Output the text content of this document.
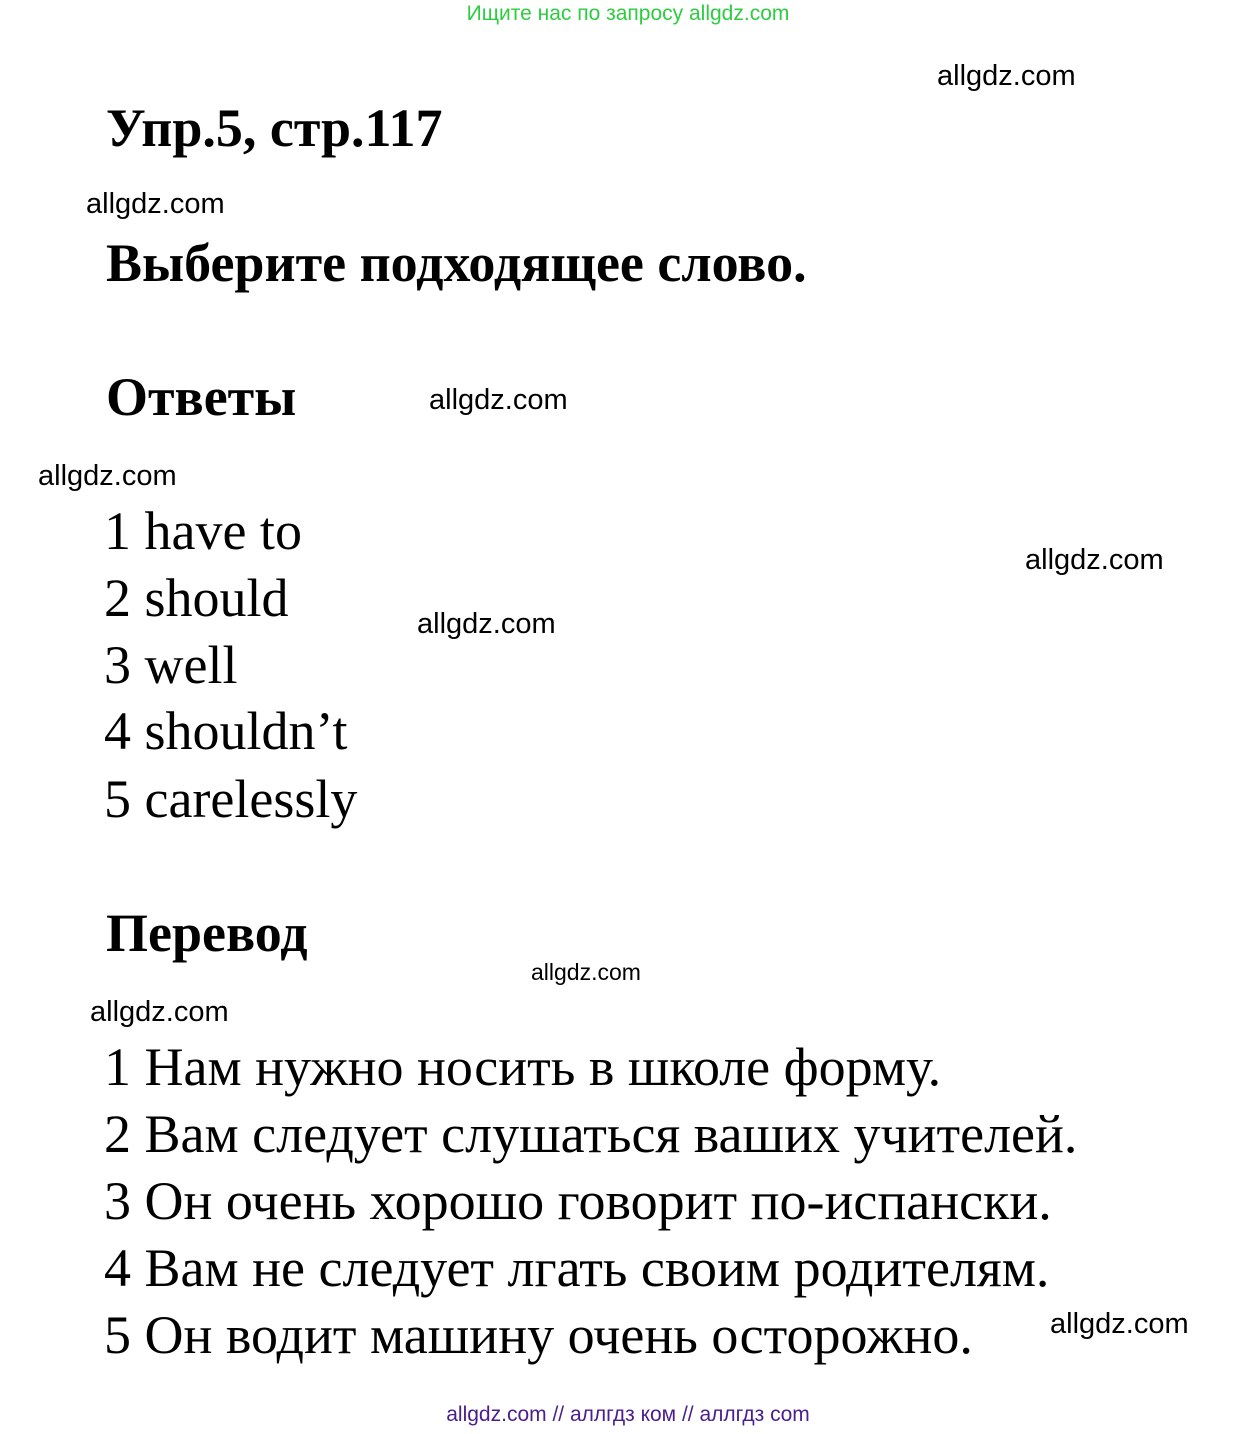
Ищите нас по запросу allgdz.com
allgdz.com
Упр.5, стр.117
allgdz.com
Выберите подходящее слово.
Ответы	allgdz.com
allgdz.com
1 have to
2 should
3 well
4 shouldn’t
5 carelessly
allgdz.com
allgdz.com
Перевод
allgdz.com
allgdz.com
1 Нам нужно носить в школе форму.
2 Вам следует слушаться ваших учителей.
3 Он очень хорошо говорит по-испански.
4 Вам не следует лгать своим родителям.
5 Он водит машину очень осторожно.	allgdz.com
allgdz.com // аллгдз ком // аллгдз com
